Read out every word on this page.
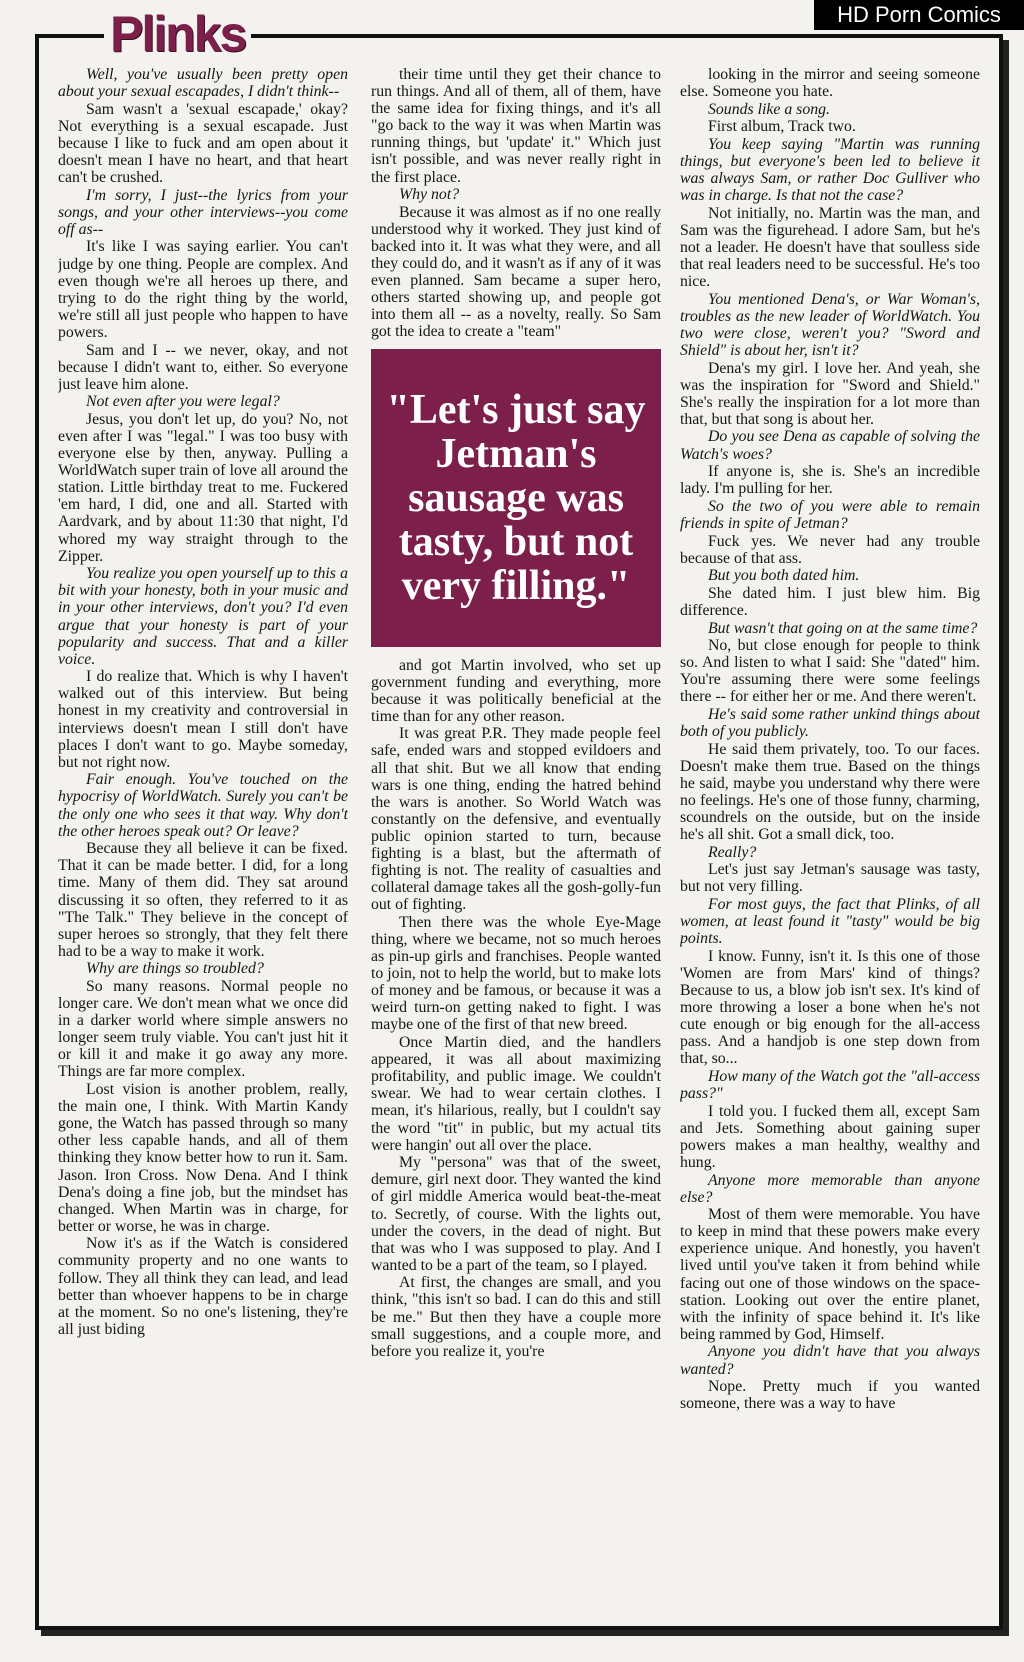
HD Porn Comics
Plinks

Well, you've usually been pretty open about your sexual escapades, I didn't think--

Sam wasn't a 'sexual escapade,' okay? Not everything is a sexual escapade. Just because I like to fuck and am open about it doesn't mean I have no heart, and that heart can't be crushed.

I'm sorry, I just--the lyrics from your songs, and your other interviews--you come off as--

It's like I was saying earlier. You can't judge by one thing. People are complex. And even though we're all heroes up there, and trying to do the right thing by the world, we're still all just people who happen to have powers.

Sam and I -- we never, okay, and not because I didn't want to, either. So everyone just leave him alone.

Not even after you were legal?

Jesus, you don't let up, do you? No, not even after I was "legal." I was too busy with everyone else by then, anyway. Pulling a WorldWatch super train of love all around the station. Little birthday treat to me. Fuckered 'em hard, I did, one and all. Started with Aardvark, and by about 11:30 that night, I'd whored my way straight through to the Zipper.

You realize you open yourself up to this a bit with your honesty, both in your music and in your other interviews, don't you? I'd even argue that your honesty is part of your popularity and success. That and a killer voice.

I do realize that. Which is why I haven't walked out of this interview. But being honest in my creativity and controversial in interviews doesn't mean I still don't have places I don't want to go. Maybe someday, but not right now.

Fair enough. You've touched on the hypocrisy of WorldWatch. Surely you can't be the only one who sees it that way. Why don't the other heroes speak out? Or leave?

Because they all believe it can be fixed. That it can be made better. I did, for a long time. Many of them did. They sat around discussing it so often, they referred to it as "The Talk." They believe in the concept of super heroes so strongly, that they felt there had to be a way to make it work.

Why are things so troubled?

So many reasons. Normal people no longer care. We don't mean what we once did in a darker world where simple answers no longer seem truly viable. You can't just hit it or kill it and make it go away any more. Things are far more complex.

Lost vision is another problem, really, the main one, I think. With Martin Kandy gone, the Watch has passed through so many other less capable hands, and all of them thinking they know better how to run it. Sam. Jason. Iron Cross. Now Dena. And I think Dena's doing a fine job, but the mindset has changed. When Martin was in charge, for better or worse, he was in charge.

Now it's as if the Watch is considered community property and no one wants to follow. They all think they can lead, and lead better than whoever happens to be in charge at the moment. So no one's listening, they're all just biding

their time until they get their chance to run things. And all of them, all of them, have the same idea for fixing things, and it's all "go back to the way it was when Martin was running things, but 'update' it." Which just isn't possible, and was never really right in the first place.

Why not?

Because it was almost as if no one really understood why it worked. They just kind of backed into it. It was what they were, and all they could do, and it wasn't as if any of it was even planned. Sam became a super hero, others started showing up, and people got into them all -- as a novelty, really. So Sam got the idea to create a "team"

"Let's just say Jetman's sausage was tasty, but not very filling."

and got Martin involved, who set up government funding and everything, more because it was politically beneficial at the time than for any other reason.

It was great P.R. They made people feel safe, ended wars and stopped evildoers and all that shit. But we all know that ending wars is one thing, ending the hatred behind the wars is another. So World Watch was constantly on the defensive, and eventually public opinion started to turn, because fighting is a blast, but the aftermath of fighting is not. The reality of casualties and collateral damage takes all the gosh-golly-fun out of fighting.

Then there was the whole Eye-Mage thing, where we became, not so much heroes as pin-up girls and franchises. People wanted to join, not to help the world, but to make lots of money and be famous, or because it was a weird turn-on getting naked to fight. I was maybe one of the first of that new breed.

Once Martin died, and the handlers appeared, it was all about maximizing profitability, and public image. We couldn't swear. We had to wear certain clothes. I mean, it's hilarious, really, but I couldn't say the word "tit" in public, but my actual tits were hangin' out all over the place.

My "persona" was that of the sweet, demure, girl next door. They wanted the kind of girl middle America would beat-the-meat to. Secretly, of course. With the lights out, under the covers, in the dead of night. But that was who I was supposed to play. And I wanted to be a part of the team, so I played.

At first, the changes are small, and you think, "this isn't so bad. I can do this and still be me." But then they have a couple more small suggestions, and a couple more, and before you realize it, you're

looking in the mirror and seeing someone else. Someone you hate.

Sounds like a song.

First album, Track two.

You keep saying "Martin was running things, but everyone's been led to believe it was always Sam, or rather Doc Gulliver who was in charge. Is that not the case?

Not initially, no. Martin was the man, and Sam was the figurehead. I adore Sam, but he's not a leader. He doesn't have that soulless side that real leaders need to be successful. He's too nice.

You mentioned Dena's, or War Woman's, troubles as the new leader of WorldWatch. You two were close, weren't you? "Sword and Shield" is about her, isn't it?

Dena's my girl. I love her. And yeah, she was the inspiration for "Sword and Shield." She's really the inspiration for a lot more than that, but that song is about her.

Do you see Dena as capable of solving the Watch's woes?

If anyone is, she is. She's an incredible lady. I'm pulling for her.

So the two of you were able to remain friends in spite of Jetman?

Fuck yes. We never had any trouble because of that ass.

But you both dated him.

She dated him. I just blew him. Big difference.

But wasn't that going on at the same time?

No, but close enough for people to think so. And listen to what I said: She "dated" him. You're assuming there were some feelings there -- for either her or me. And there weren't.

He's said some rather unkind things about both of you publicly.

He said them privately, too. To our faces. Doesn't make them true. Based on the things he said, maybe you understand why there were no feelings. He's one of those funny, charming, scoundrels on the outside, but on the inside he's all shit. Got a small dick, too.

Really?

Let's just say Jetman's sausage was tasty, but not very filling.

For most guys, the fact that Plinks, of all women, at least found it "tasty" would be big points.

I know. Funny, isn't it. Is this one of those 'Women are from Mars' kind of things? Because to us, a blow job isn't sex. It's kind of more throwing a loser a bone when he's not cute enough or big enough for the all-access pass. And a handjob is one step down from that, so...

How many of the Watch got the "all-access pass?"

I told you. I fucked them all, except Sam and Jets. Something about gaining super powers makes a man healthy, wealthy and hung.

Anyone more memorable than anyone else?

Most of them were memorable. You have to keep in mind that these powers make every experience unique. And honestly, you haven't lived until you've taken it from behind while facing out one of those windows on the space-station. Looking out over the entire planet, with the infinity of space behind it. It's like being rammed by God, Himself.

Anyone you didn't have that you always wanted?

Nope. Pretty much if you wanted someone, there was a way to have
